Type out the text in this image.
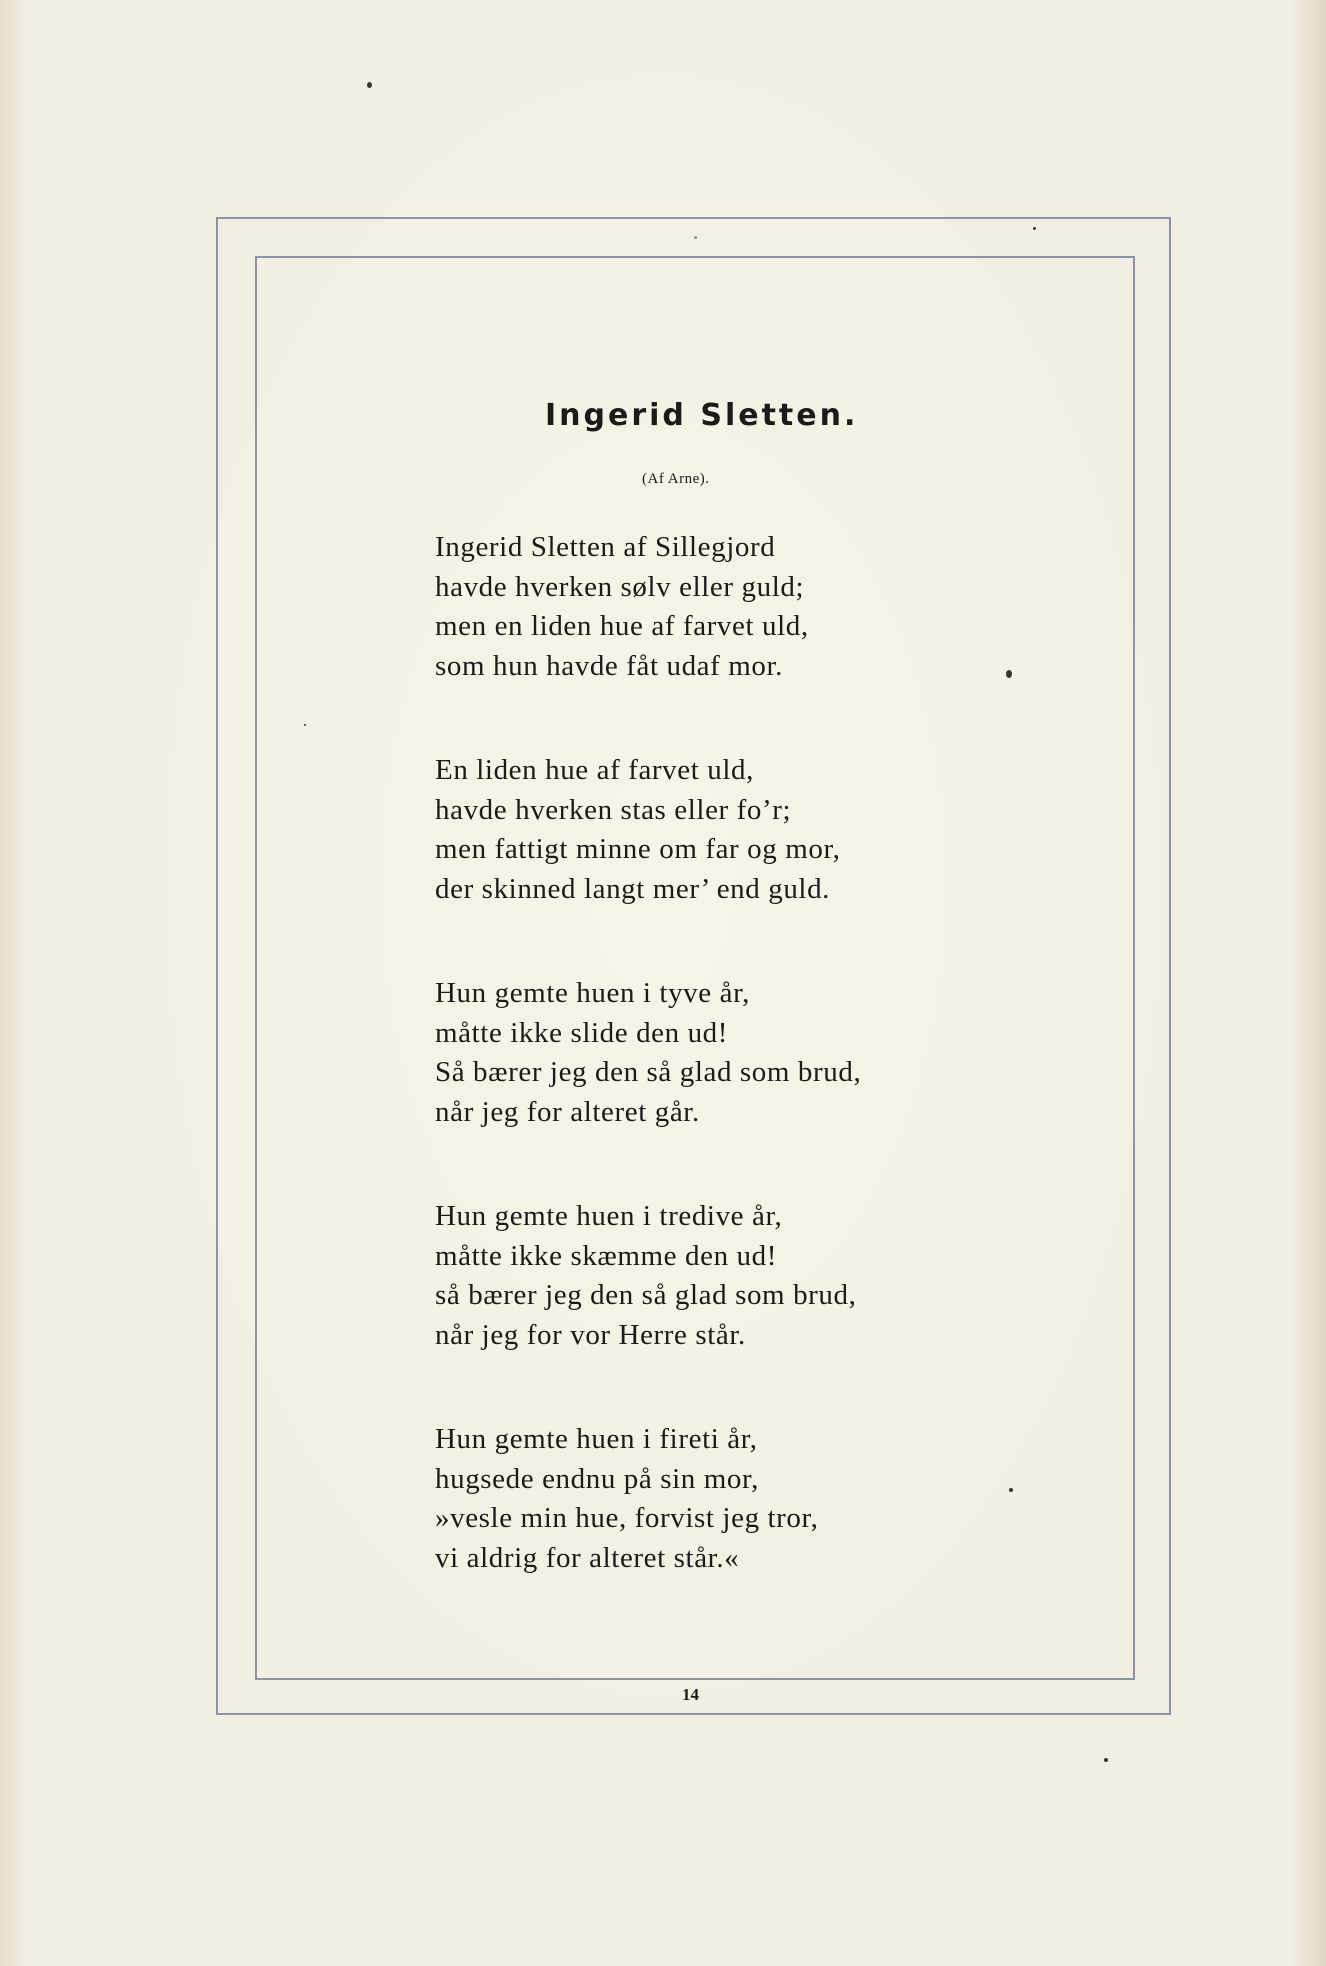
Ingerid Sletten.
(Af Arne).
Ingerid Sletten af Sillegjord
havde hverken sølv eller guld;
men en liden hue af farvet uld,
som hun havde fåt udaf mor.
En liden hue af farvet uld,
havde hverken stas eller fo’r;
men fattigt minne om far og mor,
der skinned langt mer’ end guld.
Hun gemte huen i tyve år,
måtte ikke slide den ud!
Så bærer jeg den så glad som brud,
når jeg for alteret går.
Hun gemte huen i tredive år,
måtte ikke skæmme den ud!
så bærer jeg den så glad som brud,
når jeg for vor Herre står.
Hun gemte huen i fireti år,
hugsede endnu på sin mor,
»vesle min hue, forvist jeg tror,
vi aldrig for alteret står.«
14
